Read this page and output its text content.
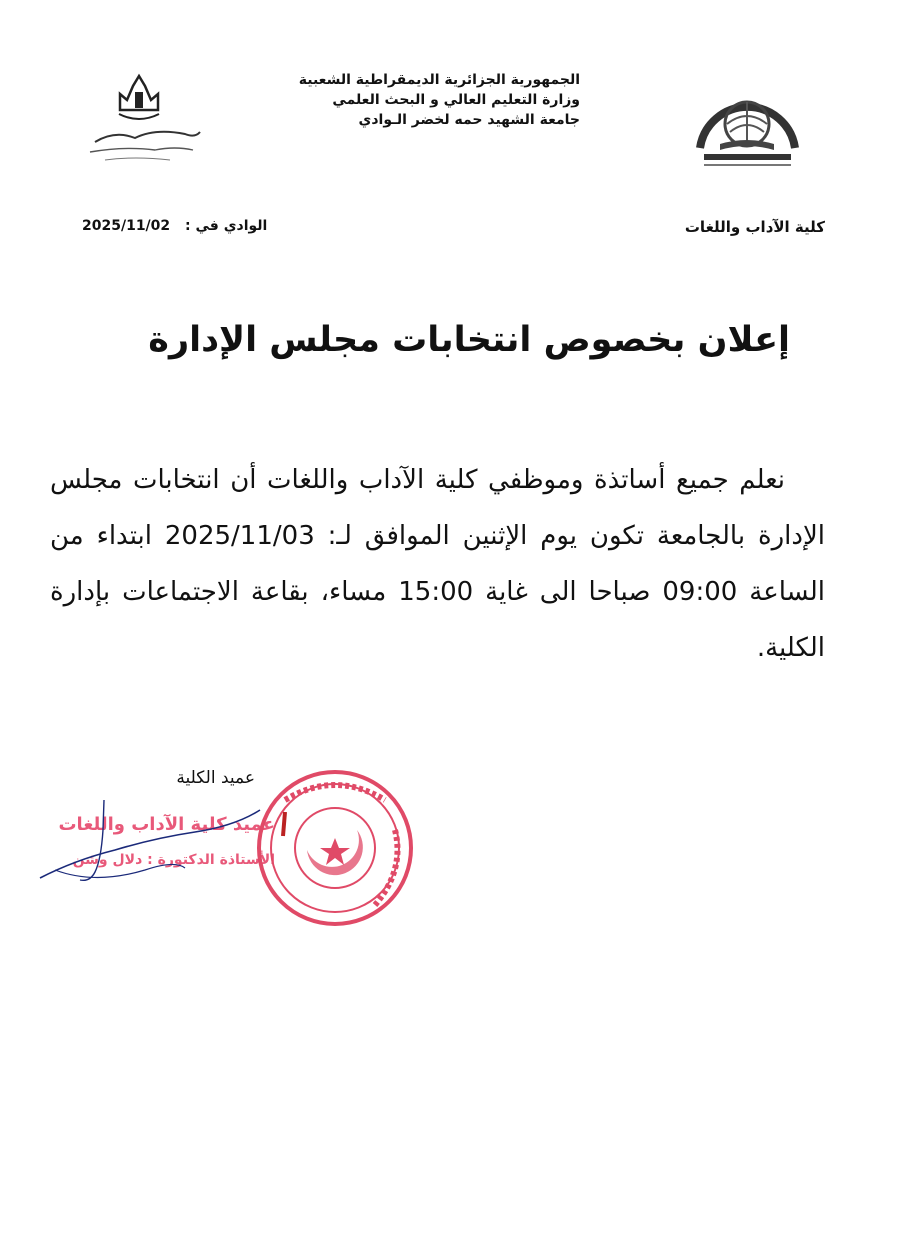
الجمهورية الجزائرية الديمقراطية الشعبية
وزارة التعليم العالي و البحث العلمي
جامعة الشهيد حمه لخضر الـوادي
كلية الآداب واللغات
2025/11/02 الوادي في :
إعلان بخصوص انتخابات مجلس الإدارة

نعلم جميع أساتذة وموظفي كلية الآداب واللغات أن انتخابات مجلس الإدارة بالجامعة تكون يوم الإثنين الموافق لـ: 2025/11/03 ابتداء من الساعة 09:00 صباحا الى غاية 15:00 مساء، بقاعة الاجتماعات بإدارة الكلية.

عميد الكلية
عميد كلية الآداب واللغات
الأستاذة الدكتورة : دلال وشن
